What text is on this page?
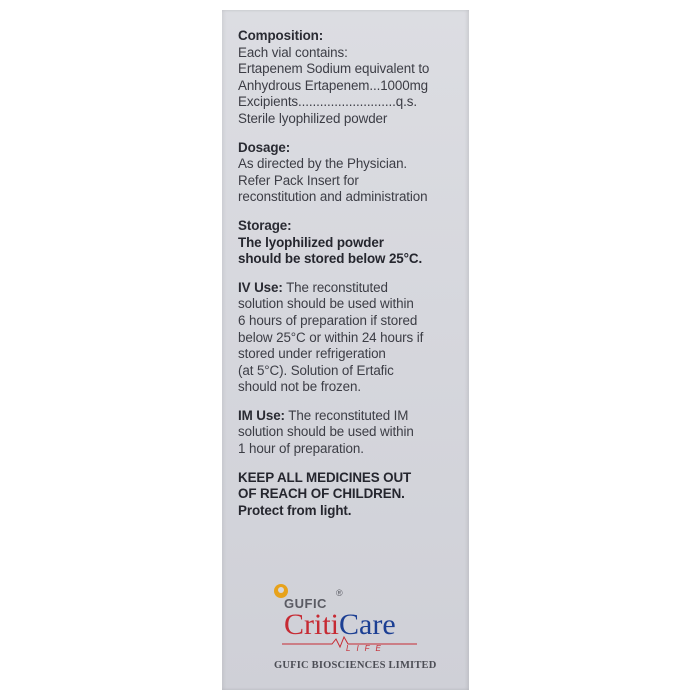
Composition:
Each vial contains:
Ertapenem Sodium equivalent to
Anhydrous Ertapenem...1000mg
Excipients...........................q.s.
Sterile lyophilized powder
Dosage:
As directed by the Physician.
Refer Pack Insert for
reconstitution and administration
Storage:
The lyophilized powder
should be stored below 25°C.
IV Use: The reconstituted
solution should be used within
6 hours of preparation if stored
below 25°C or within 24 hours if
stored under refrigeration
(at 5°C). Solution of Ertafic
should not be frozen.
IM Use: The reconstituted IM
solution should be used within
1 hour of preparation.
KEEP ALL MEDICINES OUT
OF REACH OF CHILDREN.
Protect from light.
GUFIC
®
CritiCare
LIFE
GUFIC BIOSCIENCES LIMITED
